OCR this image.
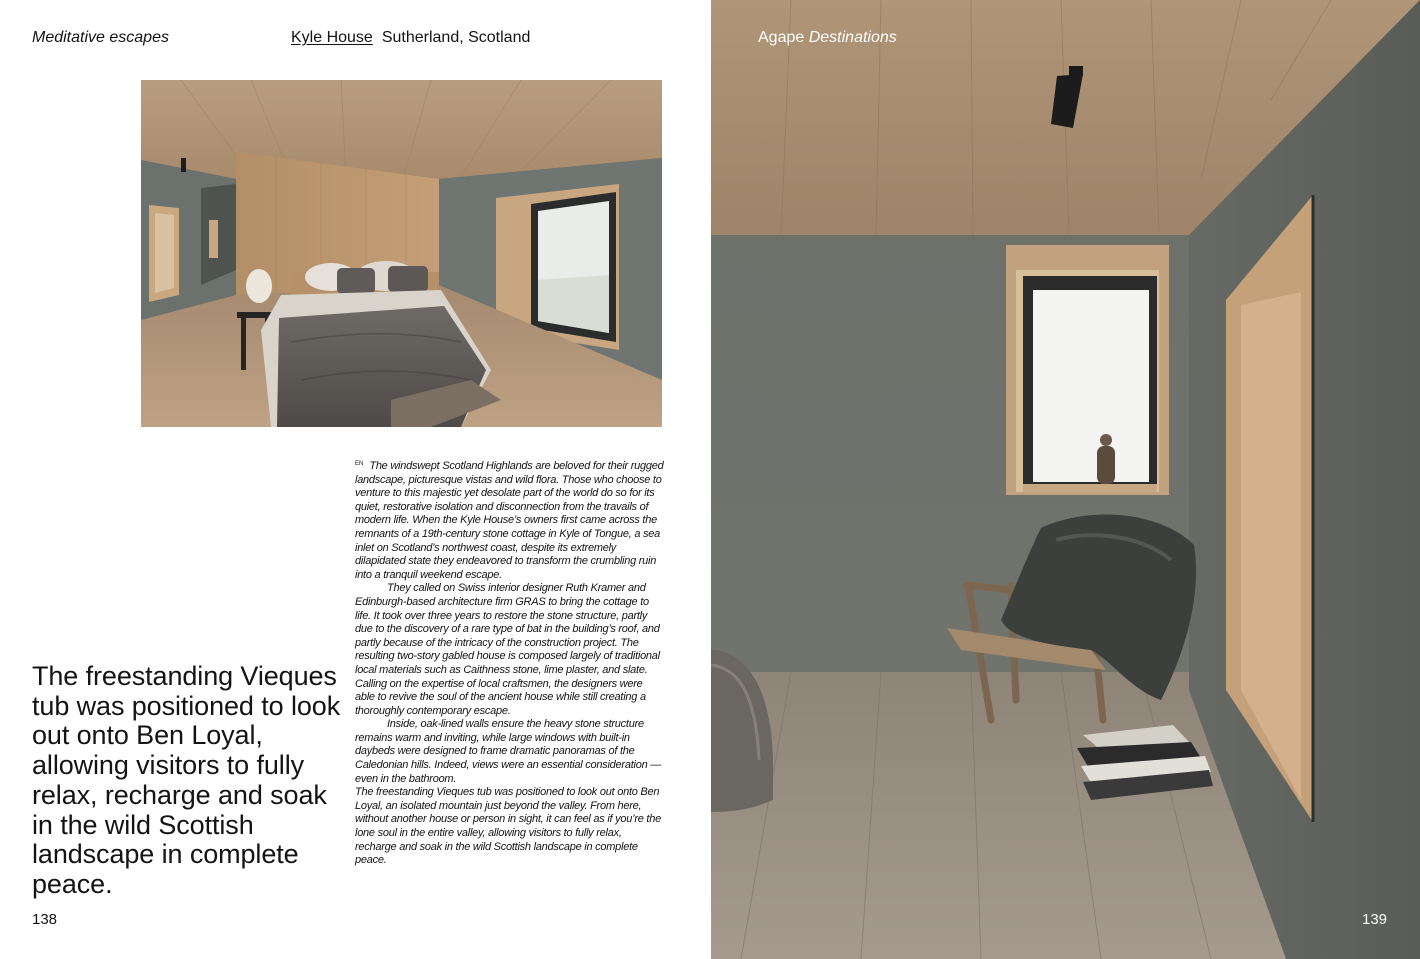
Meditative escapes	Kyle House Sutherland, Scotland
The freestanding Vieques tub was positioned to look out onto Ben Loyal, allowing visitors to fully relax, recharge and soak in the wild Scottish landscape in complete peace.

$^{EN}$ The windswept Scotland Highlands are beloved for their rugged landscape, picturesque vistas and wild flora. Those who choose to venture to this majestic yet desolate part of the world do so for its quiet, restorative isolation and disconnection from the travails of modern life. When the Kyle House’s owners first came across the remnants of a 19th-century stone cottage in Kyle of Tongue, a sea inlet on Scotland’s northwest coast, despite its extremely dilapidated state they endeavored to transform the crumbling ruin into a tranquil weekend escape.

They called on Swiss interior designer Ruth Kramer and Edinburgh-based architecture firm GRAS to bring the cottage to life. It took over three years to restore the stone structure, partly due to the discovery of a rare type of bat in the building’s roof, and partly because of the intricacy of the construction project. The resulting two-story gabled house is composed largely of traditional local materials such as Caithness stone, lime plaster, and slate. Calling on the expertise of local craftsmen, the designers were able to revive the soul of the ancient house while still creating a thoroughly contemporary escape.

Inside, oak-lined walls ensure the heavy stone structure remains warm and inviting, while large windows with built-in daybeds were designed to frame dramatic panoramas of the Caledonian hills. Indeed, views were an essential consideration — even in the bathroom.

The freestanding Vieques tub was positioned to look out onto Ben Loyal, an isolated mountain just beyond the valley. From here, without another house or person in sight, it can feel as if you’re the lone soul in the entire valley, allowing visitors to fully relax, recharge and soak in the wild Scottish landscape in complete peace.

138
Agape Destinations
139
